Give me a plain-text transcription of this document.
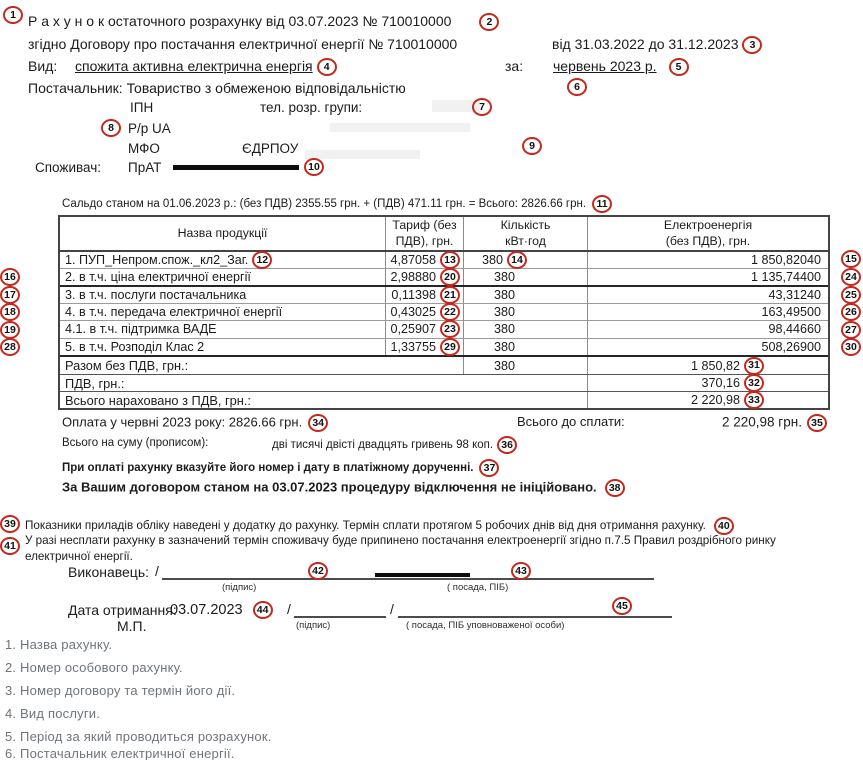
Р а х у н о к остаточного розрахунку від 03.07.2023 № 710010000	2
згідно Договору про постачання електричної енергії № 710010000	від 31.03.2022 до 31.12.2023 3
Вид: спожита активна електрична енергія 4	за: червень 2023 р. 5
Постачальник: Товариство з обмеженою відповідальністю
ІПН	тел. розр. групи:
Р/р UA
МФО	ЄДРПОУ
Споживач: ПрАТ
Сальдо станом на 01.06.2023 р.: (без ПДВ) 2355.55 грн. + (ПДВ) 471.11 грн. = Всього: 2826.66 грн. 11
Назва продукції
Тариф (без
ПДВ), грн.
Кількість
кВт·год
Електроенергія
(без ПДВ), грн.
1. ПУП_Непром.спож._кл2_Заг. 12	4,87058 13	380 14	1 850,82040
2. в т.ч. ціна електричної енергії	2,98880 20	380	1 135,74400
3. в т.ч. послуги постачальника	0,11398 21	380	43,31240
4. в т.ч. передача електричної енергії	0,43025 22	380	163,49500
4.1. в т.ч. підтримка ВАДЕ	0,25907 23	380	98,44660
5. в т.ч. Розподіл Клас 2	1,33755 29	380	508,26900
Разом без ПДВ, грн.:	380	1 850,82 31
ПДВ, грн.:	370,16 32
Всього нараховано з ПДВ, грн.:	2 220,98 33
Оплата у червні 2023 року: 2826.66 грн. 34	Всього до сплати:	2 220,98 грн. 35
Всього на суму (прописом):	дві тисячі двісті двадцять гривень 98 коп. 36
При оплаті рахунку вказуйте його номер і дату в платіжному дорученні. 37
За Вашим договором станом на 03.07.2023 процедуру відключення не ініційовано. 38
Показники приладів обліку наведені у додатку до рахунку. Термін сплати протягом 5 робочих днів від дня отримання рахунку. 40
У разі несплати рахунку в зазначений термін споживачу буде припинено постачання електроенергії згідно п.7.5 Правил роздрібного ринку
електричної енергії.
Виконавець: /
(підпис)	( посада, ПІБ)
Дата отримання:
03.07.2023 44 /	/
(підпис)	( посада, ПІБ уповноваженої особи)
М.П.
1. Назва рахунку.
2. Номер особового рахунку.
3. Номер договору та термін його дії.
4. Вид послуги.
5. Період за який проводиться розрахунок.
6. Постачальник електричної енергії.
1
6
7
8
9
10
15
16
17
18
19
24
25
26
27
28	30
39
41
42	43
45
